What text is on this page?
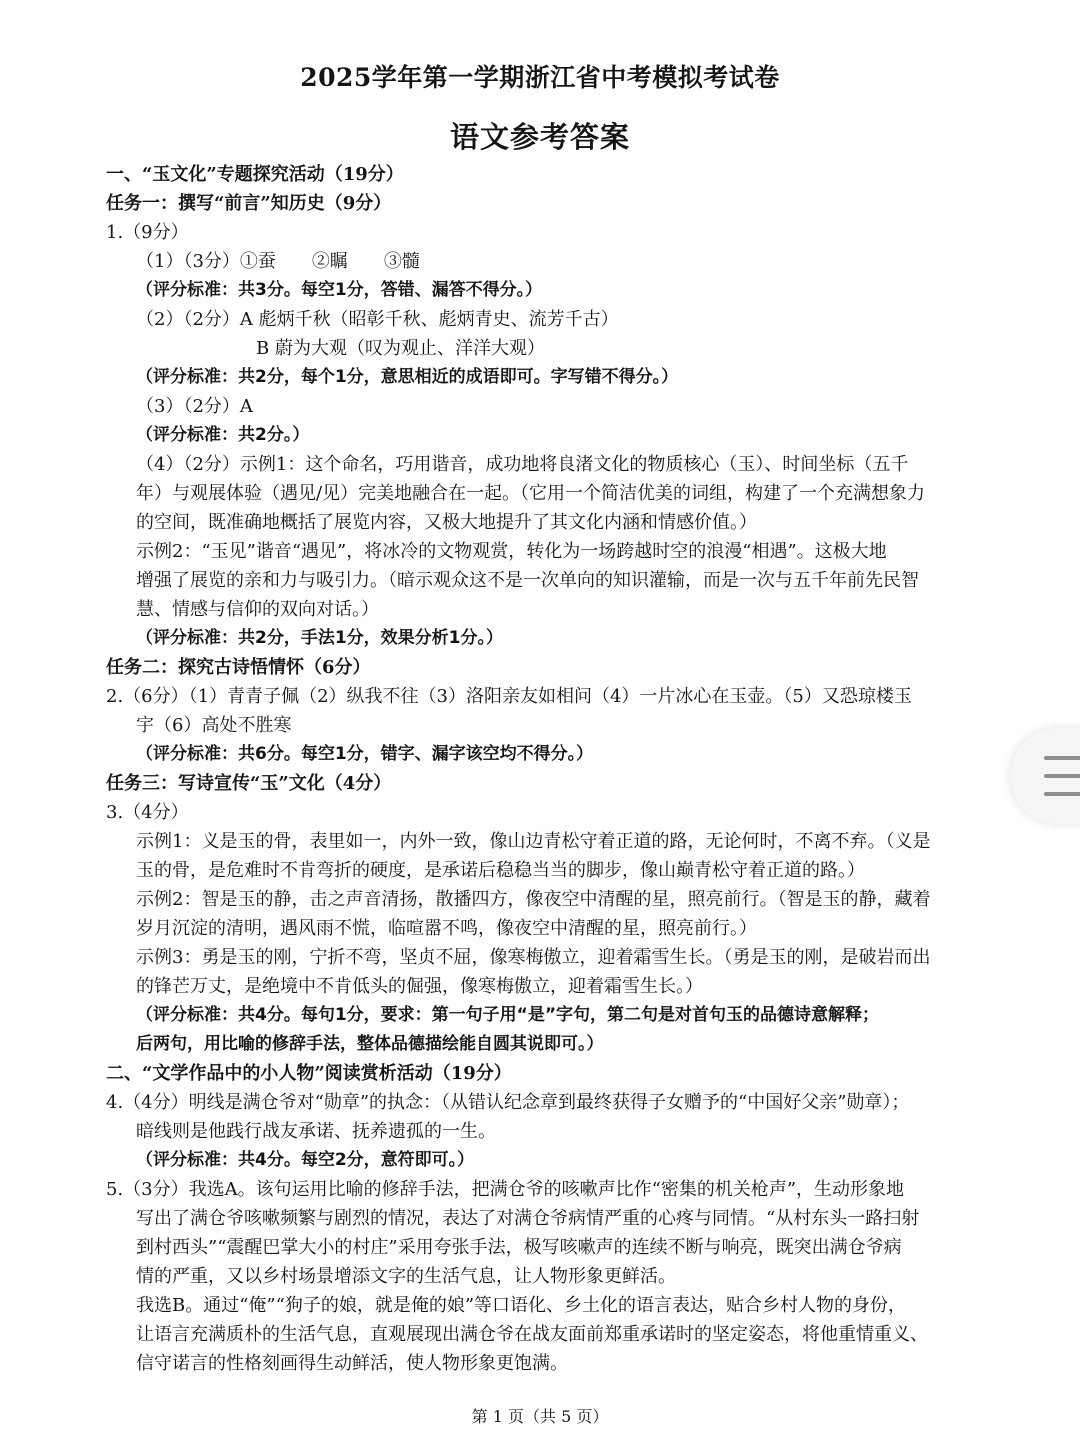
2025学年第一学期浙江省中考模拟考试卷
语文参考答案
一、“玉文化”专题探究活动（19分）
任务一：撰写“前言”知历史（9分）
1.（9分）
（1）（3分）①蚕　　②瞩　　③髓
（评分标准：共3分。每空1分，答错、漏答不得分。）
（2）（2分）A 彪炳千秋（昭彰千秋、彪炳青史、流芳千古）
B 蔚为大观（叹为观止、洋洋大观）
（评分标准：共2分，每个1分，意思相近的成语即可。字写错不得分。）
（3）（2分）A
（评分标准：共2分。）
（4）（2分）示例1：这个命名，巧用谐音，成功地将良渚文化的物质核心（玉）、时间坐标（五千
年）与观展体验（遇见/见）完美地融合在一起。（它用一个简洁优美的词组，构建了一个充满想象力
的空间，既准确地概括了展览内容，又极大地提升了其文化内涵和情感价值。）
示例2：“玉见”谐音“遇见”，将冰冷的文物观赏，转化为一场跨越时空的浪漫“相遇”。这极大地
增强了展览的亲和力与吸引力。（暗示观众这不是一次单向的知识灌输，而是一次与五千年前先民智
慧、情感与信仰的双向对话。）
（评分标准：共2分，手法1分，效果分析1分。）
任务二：探究古诗悟情怀（6分）
2.（6分）（1）青青子佩（2）纵我不往（3）洛阳亲友如相问（4）一片冰心在玉壶。（5）又恐琼楼玉
宇（6）高处不胜寒
（评分标准：共6分。每空1分，错字、漏字该空均不得分。）
任务三：写诗宣传“玉”文化（4分）
3.（4分）
示例1：义是玉的骨，表里如一，内外一致，像山边青松守着正道的路，无论何时，不离不弃。（义是
玉的骨，是危难时不肯弯折的硬度，是承诺后稳稳当当的脚步，像山巅青松守着正道的路。）
示例2：智是玉的静，击之声音清扬，散播四方，像夜空中清醒的星，照亮前行。（智是玉的静，藏着
岁月沉淀的清明，遇风雨不慌，临喧嚣不鸣，像夜空中清醒的星，照亮前行。）
示例3：勇是玉的刚，宁折不弯，坚贞不屈，像寒梅傲立，迎着霜雪生长。（勇是玉的刚，是破岩而出
的锋芒万丈，是绝境中不肯低头的倔强，像寒梅傲立，迎着霜雪生长。）
（评分标准：共4分。每句1分，要求：第一句子用“是”字句，第二句是对首句玉的品德诗意解释；
后两句，用比喻的修辞手法，整体品德描绘能自圆其说即可。）
二、“文学作品中的小人物”阅读赏析活动（19分）
4.（4分）明线是满仓爷对“勋章”的执念：（从错认纪念章到最终获得子女赠予的“中国好父亲”勋章）；
暗线则是他践行战友承诺、抚养遗孤的一生。
（评分标准：共4分。每空2分，意符即可。）
5.（3分）我选A。该句运用比喻的修辞手法，把满仓爷的咳嗽声比作“密集的机关枪声”，生动形象地
写出了满仓爷咳嗽频繁与剧烈的情况，表达了对满仓爷病情严重的心疼与同情。“从村东头一路扫射
到村西头”“震醒巴掌大小的村庄”采用夸张手法，极写咳嗽声的连续不断与响亮，既突出满仓爷病
情的严重，又以乡村场景增添文字的生活气息，让人物形象更鲜活。
我选B。通过“俺”“狗子的娘，就是俺的娘”等口语化、乡土化的语言表达，贴合乡村人物的身份，
让语言充满质朴的生活气息，直观展现出满仓爷在战友面前郑重承诺时的坚定姿态，将他重情重义、
信守诺言的性格刻画得生动鲜活，使人物形象更饱满。
第 1 页（共 5 页）
